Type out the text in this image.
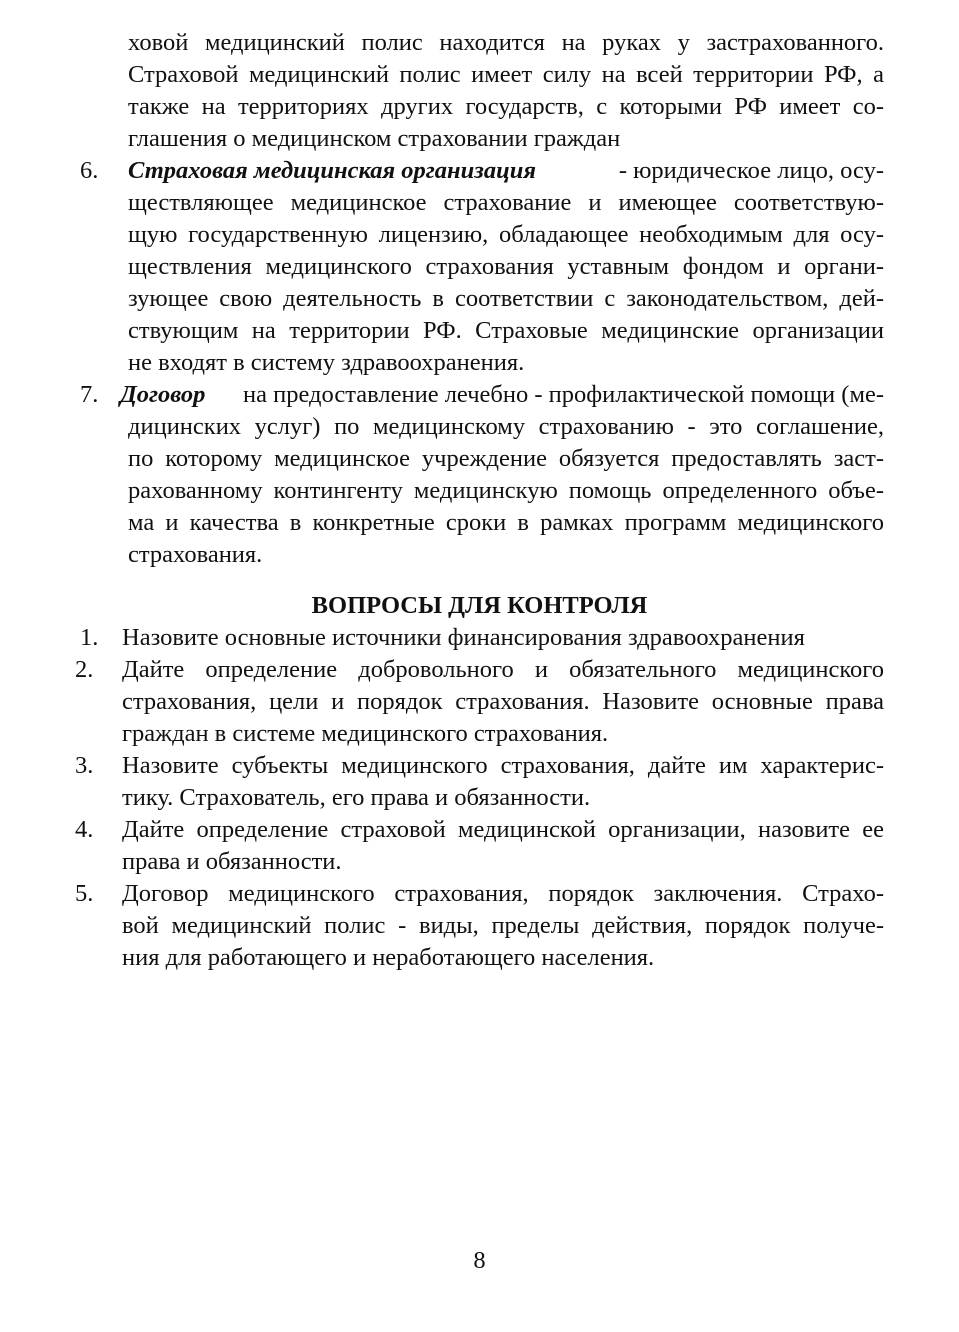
ховой медицинский полис находится на руках у застрахованного.
Страховой медицинский полис имеет силу на всей территории РФ, а
также на территориях других государств, с которыми РФ имеет со-
глашения о медицинском страховании граждан
6. Страховая медицинская организация	- юридическое лицо, осу-
ществляющее медицинское страхование и имеющее соответствую-
щую государственную лицензию, обладающее необходимым для осу-
ществления медицинского страхования уставным фондом и органи-
зующее свою деятельность в соответствии с законодательством, дей-
ствующим на территории РФ. Страховые медицинские организации
не входят в систему здравоохранения.
7. Договор на предоставление лечебно - профилактической помощи (ме-
дицинских услуг) по медицинскому страхованию - это соглашение,
по которому медицинское учреждение обязуется предоставлять заст-
рахованному контингенту медицинскую помощь определенного объе-
ма и качества в конкретные сроки в рамках программ медицинского
страхования.
ВОПРОСЫ ДЛЯ КОНТРОЛЯ
1. Назовите основные источники финансирования здравоохранения
2. Дайте определение добровольного и обязательного медицинского
страхования, цели и порядок страхования. Назовите основные права
граждан в системе медицинского страхования.
3. Назовите субъекты медицинского страхования, дайте им характерис-
тику. Страхователь, его права и обязанности.
4. Дайте определение страховой медицинской организации, назовите ее
права и обязанности.
5. Договор медицинского страхования, порядок заключения. Страхо-
вой медицинский полис - виды, пределы действия, порядок получе-
ния для работающего и неработающего населения.
8
